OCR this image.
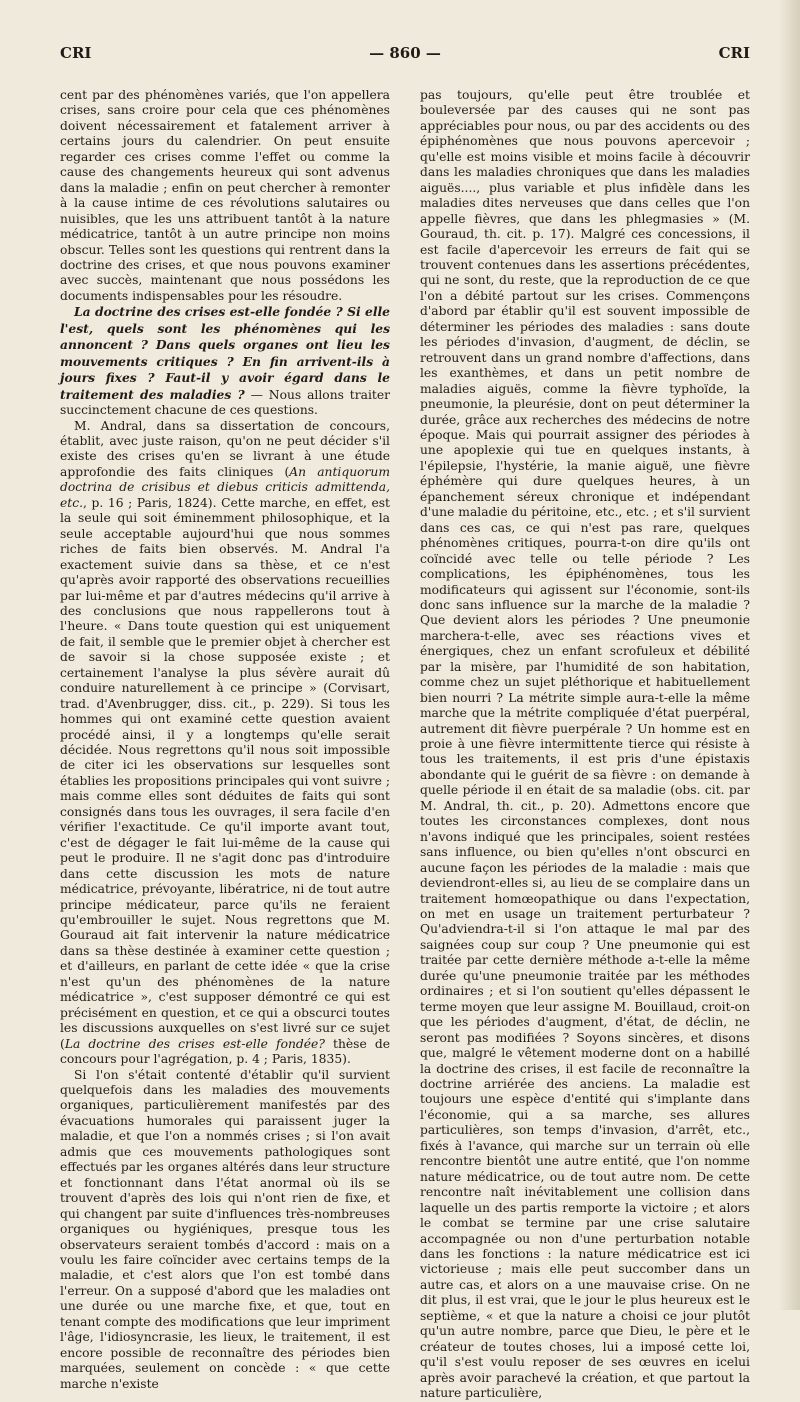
CRI	— 860 —	CRI

cent par des phénomènes variés, que l'on appellera crises, sans croire pour cela que ces phénomènes doivent nécessairement et fatalement arriver à certains jours du calendrier. On peut ensuite regarder ces crises comme l'effet ou comme la cause des changements heureux qui sont advenus dans la maladie ; enfin on peut chercher à remonter à la cause intime de ces révolutions salutaires ou nuisibles, que les uns attribuent tantôt à la nature médicatrice, tantôt à un autre principe non moins obscur. Telles sont les questions qui rentrent dans la doctrine des crises, et que nous pouvons examiner avec succès, maintenant que nous possédons les documents indispensables pour les résoudre.

La doctrine des crises est-elle fondée ? Si elle l'est, quels sont les phénomènes qui les annoncent ? Dans quels organes ont lieu les mouvements critiques ? En fin arrivent-ils à jours fixes ? Faut-il y avoir égard dans le traitement des maladies ? — Nous allons traiter succinctement chacune de ces questions.

M. Andral, dans sa dissertation de concours, établit, avec juste raison, qu'on ne peut décider s'il existe des crises qu'en se livrant à une étude approfondie des faits cliniques (An antiquorum doctrina de crisibus et diebus criticis admittenda, etc., p. 16 ; Paris, 1824). Cette marche, en effet, est la seule qui soit éminemment philosophique, et la seule acceptable aujourd'hui que nous sommes riches de faits bien observés. M. Andral l'a exactement suivie dans sa thèse, et ce n'est qu'après avoir rapporté des observations recueillies par lui-même et par d'autres médecins qu'il arrive à des conclusions que nous rappellerons tout à l'heure. « Dans toute question qui est uniquement de fait, il semble que le premier objet à chercher est de savoir si la chose supposée existe ; et certainement l'analyse la plus sévère aurait dû conduire naturellement à ce principe » (Corvisart, trad. d'Avenbrugger, diss. cit., p. 229). Si tous les hommes qui ont examiné cette question avaient procédé ainsi, il y a longtemps qu'elle serait décidée. Nous regrettons qu'il nous soit impossible de citer ici les observations sur lesquelles sont établies les propositions principales qui vont suivre ; mais comme elles sont déduites de faits qui sont consignés dans tous les ouvrages, il sera facile d'en vérifier l'exactitude. Ce qu'il importe avant tout, c'est de dégager le fait lui-même de la cause qui peut le produire. Il ne s'agit donc pas d'introduire dans cette discussion les mots de nature médicatrice, prévoyante, libératrice, ni de tout autre principe médicateur, parce qu'ils ne feraient qu'embrouiller le sujet. Nous regrettons que M. Gouraud ait fait intervenir la nature médicatrice dans sa thèse destinée à examiner cette question ; et d'ailleurs, en parlant de cette idée « que la crise n'est qu'un des phénomènes de la nature médicatrice », c'est supposer démontré ce qui est précisément en question, et ce qui a obscurci toutes les discussions auxquelles on s'est livré sur ce sujet (La doctrine des crises est-elle fondée? thèse de concours pour l'agrégation, p. 4 ; Paris, 1835).

Si l'on s'était contenté d'établir qu'il survient quelquefois dans les maladies des mouvements organiques, particulièrement manifestés par des évacuations humorales qui paraissent juger la maladie, et que l'on a nommés crises ; si l'on avait admis que ces mouvements pathologiques sont effectués par les organes altérés dans leur structure et fonctionnant dans l'état anormal où ils se trouvent d'après des lois qui n'ont rien de fixe, et qui changent par suite d'influences très-nombreuses organiques ou hygiéniques, presque tous les observateurs seraient tombés d'accord : mais on a voulu les faire coïncider avec certains temps de la maladie, et c'est alors que l'on est tombé dans l'erreur. On a supposé d'abord que les maladies ont une durée ou une marche fixe, et que, tout en tenant compte des modifications que leur impriment l'âge, l'idiosyncrasie, les lieux, le traitement, il est encore possible de reconnaître des périodes bien marquées, seulement on concède : « que cette marche n'existe

pas toujours, qu'elle peut être troublée et bouleversée par des causes qui ne sont pas appréciables pour nous, ou par des accidents ou des épiphénomènes que nous pouvons apercevoir ; qu'elle est moins visible et moins facile à découvrir dans les maladies chroniques que dans les maladies aiguës...., plus variable et plus infidèle dans les maladies dites nerveuses que dans celles que l'on appelle fièvres, que dans les phlegmasies » (M. Gouraud, th. cit. p. 17). Malgré ces concessions, il est facile d'apercevoir les erreurs de fait qui se trouvent contenues dans les assertions précédentes, qui ne sont, du reste, que la reproduction de ce que l'on a débité partout sur les crises. Commençons d'abord par établir qu'il est souvent impossible de déterminer les périodes des maladies : sans doute les périodes d'invasion, d'augment, de déclin, se retrouvent dans un grand nombre d'affections, dans les exanthèmes, et dans un petit nombre de maladies aiguës, comme la fièvre typhoïde, la pneumonie, la pleurésie, dont on peut déterminer la durée, grâce aux recherches des médecins de notre époque. Mais qui pourrait assigner des périodes à une apoplexie qui tue en quelques instants, à l'épilepsie, l'hystérie, la manie aiguë, une fièvre éphémère qui dure quelques heures, à un épanchement séreux chronique et indépendant d'une maladie du péritoine, etc., etc. ; et s'il survient dans ces cas, ce qui n'est pas rare, quelques phénomènes critiques, pourra-t-on dire qu'ils ont coïncidé avec telle ou telle période ? Les complications, les épiphénomènes, tous les modificateurs qui agissent sur l'économie, sont-ils donc sans influence sur la marche de la maladie ? Que devient alors les périodes ? Une pneumonie marchera-t-elle, avec ses réactions vives et énergiques, chez un enfant scrofuleux et débilité par la misère, par l'humidité de son habitation, comme chez un sujet pléthorique et habituellement bien nourri ? La métrite simple aura-t-elle la même marche que la métrite compliquée d'état puerpéral, autrement dit fièvre puerpérale ? Un homme est en proie à une fièvre intermittente tierce qui résiste à tous les traitements, il est pris d'une épistaxis abondante qui le guérit de sa fièvre : on demande à quelle période il en était de sa maladie (obs. cit. par M. Andral, th. cit., p. 20). Admettons encore que toutes les circonstances complexes, dont nous n'avons indiqué que les principales, soient restées sans influence, ou bien qu'elles n'ont obscurci en aucune façon les périodes de la maladie : mais que deviendront-elles si, au lieu de se complaire dans un traitement homœopathique ou dans l'expectation, on met en usage un traitement perturbateur ? Qu'adviendra-t-il si l'on attaque le mal par des saignées coup sur coup ? Une pneumonie qui est traitée par cette dernière méthode a-t-elle la même durée qu'une pneumonie traitée par les méthodes ordinaires ; et si l'on soutient qu'elles dépassent le terme moyen que leur assigne M. Bouillaud, croit-on que les périodes d'augment, d'état, de déclin, ne seront pas modifiées ? Soyons sincères, et disons que, malgré le vêtement moderne dont on a habillé la doctrine des crises, il est facile de reconnaître la doctrine arriérée des anciens. La maladie est toujours une espèce d'entité qui s'implante dans l'économie, qui a sa marche, ses allures particulières, son temps d'invasion, d'arrêt, etc., fixés à l'avance, qui marche sur un terrain où elle rencontre bientôt une autre entité, que l'on nomme nature médicatrice, ou de tout autre nom. De cette rencontre naît inévitablement une collision dans laquelle un des partis remporte la victoire ; et alors le combat se termine par une crise salutaire accompagnée ou non d'une perturbation notable dans les fonctions : la nature médicatrice est ici victorieuse ; mais elle peut succomber dans un autre cas, et alors on a une mauvaise crise. On ne dit plus, il est vrai, que le jour le plus heureux est le septième, « et que la nature a choisi ce jour plutôt qu'un autre nombre, parce que Dieu, le père et le créateur de toutes choses, lui a imposé cette loi, qu'il s'est voulu reposer de ses œuvres en icelui après avoir parachevé la création, et que partout la nature particulière,
